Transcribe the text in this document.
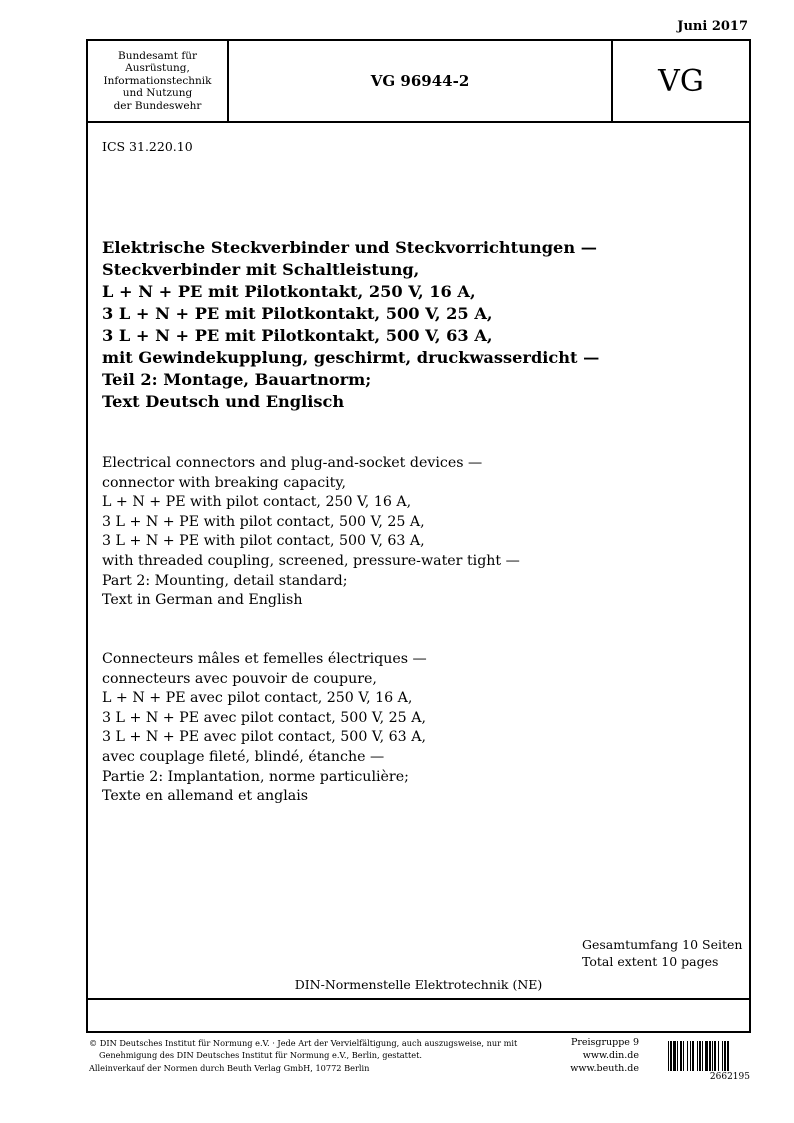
Juni 2017
Bundesamt für
Ausrüstung,
Informationstechnik
und Nutzung
der Bundeswehr
VG 96944-2	VG
ICS 31.220.10
Elektrische Steckverbinder und Steckvorrichtungen —
Steckverbinder mit Schaltleistung,
L + N + PE mit Pilotkontakt, 250 V, 16 A,
3 L + N + PE mit Pilotkontakt, 500 V, 25 A,
3 L + N + PE mit Pilotkontakt, 500 V, 63 A,
mit Gewindekupplung, geschirmt, druckwasserdicht —
Teil 2: Montage, Bauartnorm;
Text Deutsch und Englisch
Electrical connectors and plug-and-socket devices —
connector with breaking capacity,
L + N + PE with pilot contact, 250 V, 16 A,
3 L + N + PE with pilot contact, 500 V, 25 A,
3 L + N + PE with pilot contact, 500 V, 63 A,
with threaded coupling, screened, pressure-water tight —
Part 2: Mounting, detail standard;
Text in German and English
Connecteurs mâles et femelles électriques —
connecteurs avec pouvoir de coupure,
L + N + PE avec pilot contact, 250 V, 16 A,
3 L + N + PE avec pilot contact, 500 V, 25 A,
3 L + N + PE avec pilot contact, 500 V, 63 A,
avec couplage fileté, blindé, étanche —
Partie 2: Implantation, norme particulière;
Texte en allemand et anglais
Gesamtumfang 10 Seiten
Total extent 10 pages
DIN-Normenstelle Elektrotechnik (NE)
© DIN Deutsches Institut für Normung e.V. · Jede Art der Vervielfältigung, auch auszugsweise, nur mit
Genehmigung des DIN Deutsches Institut für Normung e.V., Berlin, gestattet.
Alleinverkauf der Normen durch Beuth Verlag GmbH, 10772 Berlin
Preisgruppe 9
www.din.de
www.beuth.de
2662195
